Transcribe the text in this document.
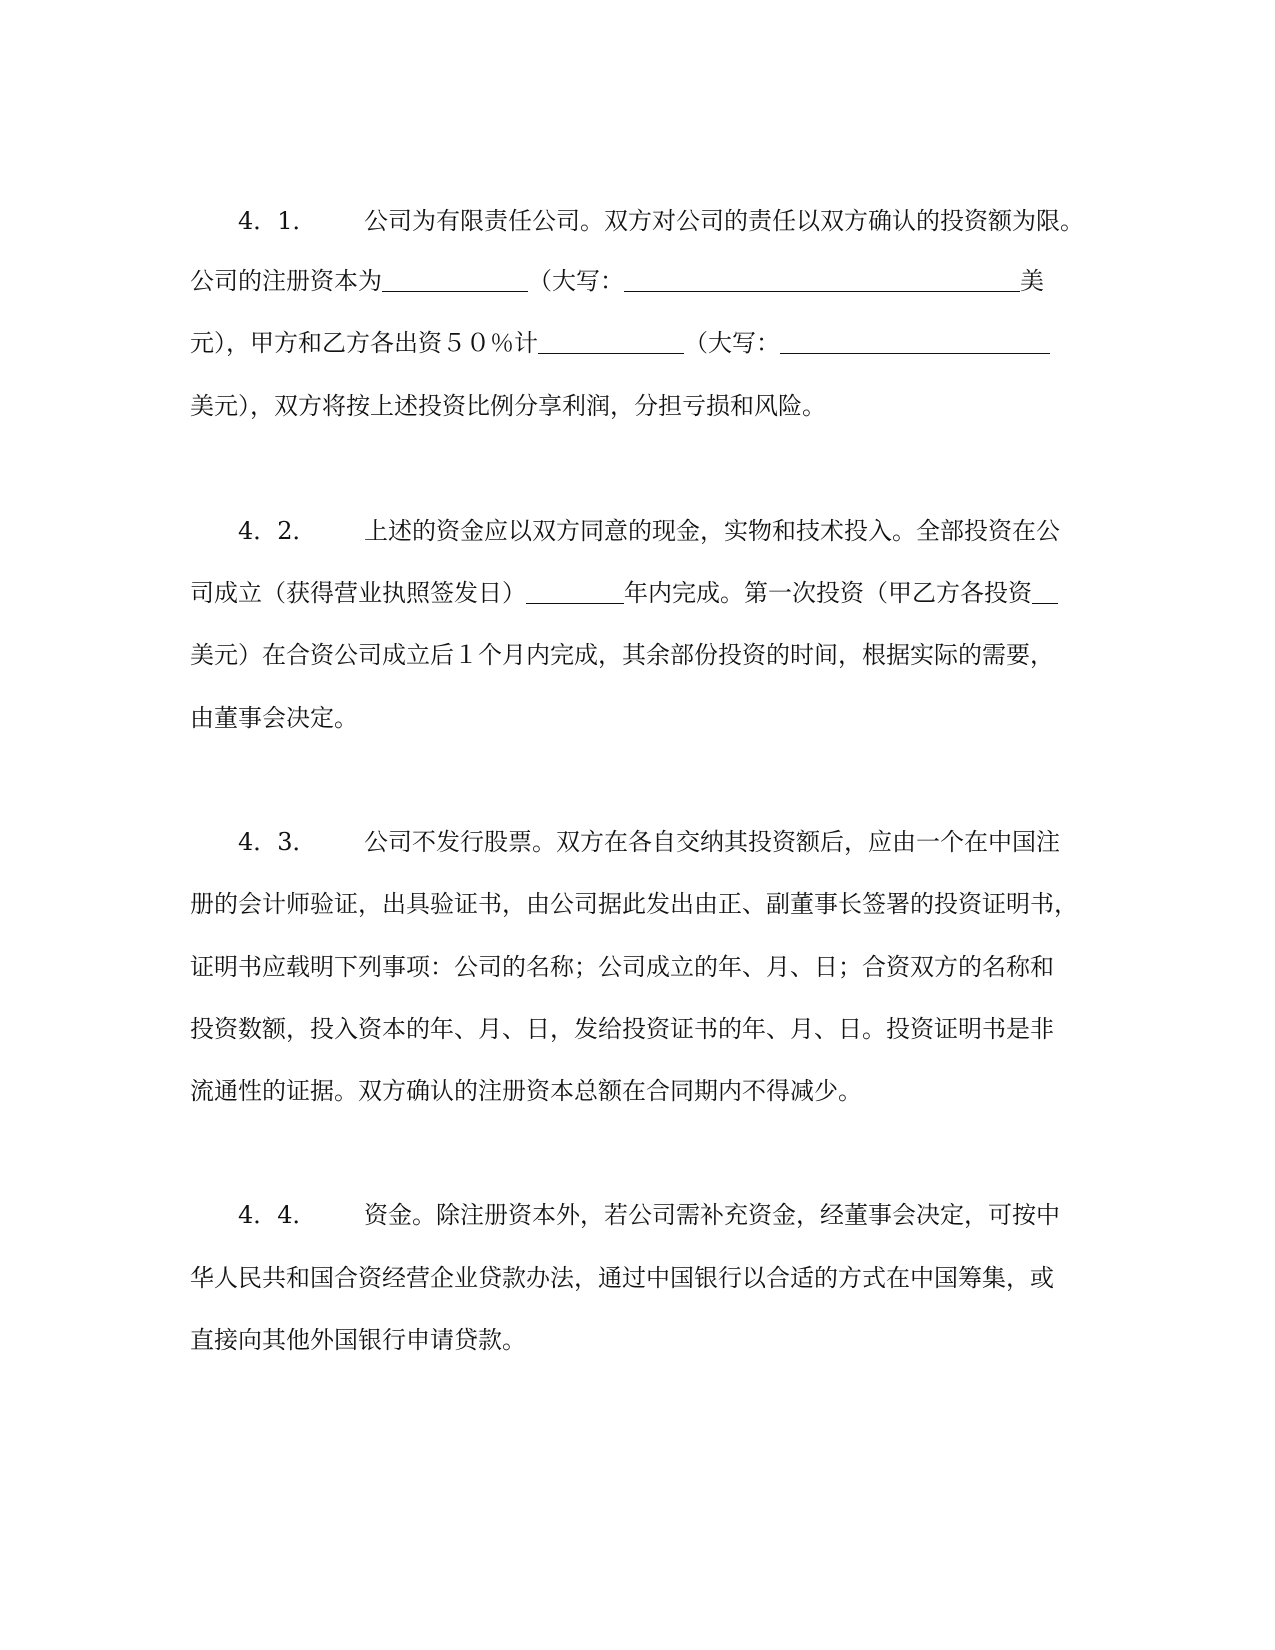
4．1． 公司为有限责任公司。双方对公司的责任以双方确认的投资额为限。
公司的注册资本为	（大写：	美
元），甲方和乙方各出资５０％计	（大写：
美元），双方将按上述投资比例分享利润，分担亏损和风险。
4．2． 上述的资金应以双方同意的现金，实物和技术投入。全部投资在公
司成立（获得营业执照签发日）	年内完成。第一次投资（甲乙方各投资
美元）在合资公司成立后１个月内完成，其余部份投资的时间，根据实际的需要，
由董事会决定。
4．3． 公司不发行股票。双方在各自交纳其投资额后，应由一个在中国注
册的会计师验证，出具验证书，由公司据此发出由正、副董事长签署的投资证明书，
证明书应载明下列事项：公司的名称；公司成立的年、月、日；合资双方的名称和
投资数额，投入资本的年、月、日，发给投资证书的年、月、日。投资证明书是非
流通性的证据。双方确认的注册资本总额在合同期内不得减少。
4．4． 资金。除注册资本外，若公司需补充资金，经董事会决定，可按中
华人民共和国合资经营企业贷款办法，通过中国银行以合适的方式在中国筹集，或
直接向其他外国银行申请贷款。
